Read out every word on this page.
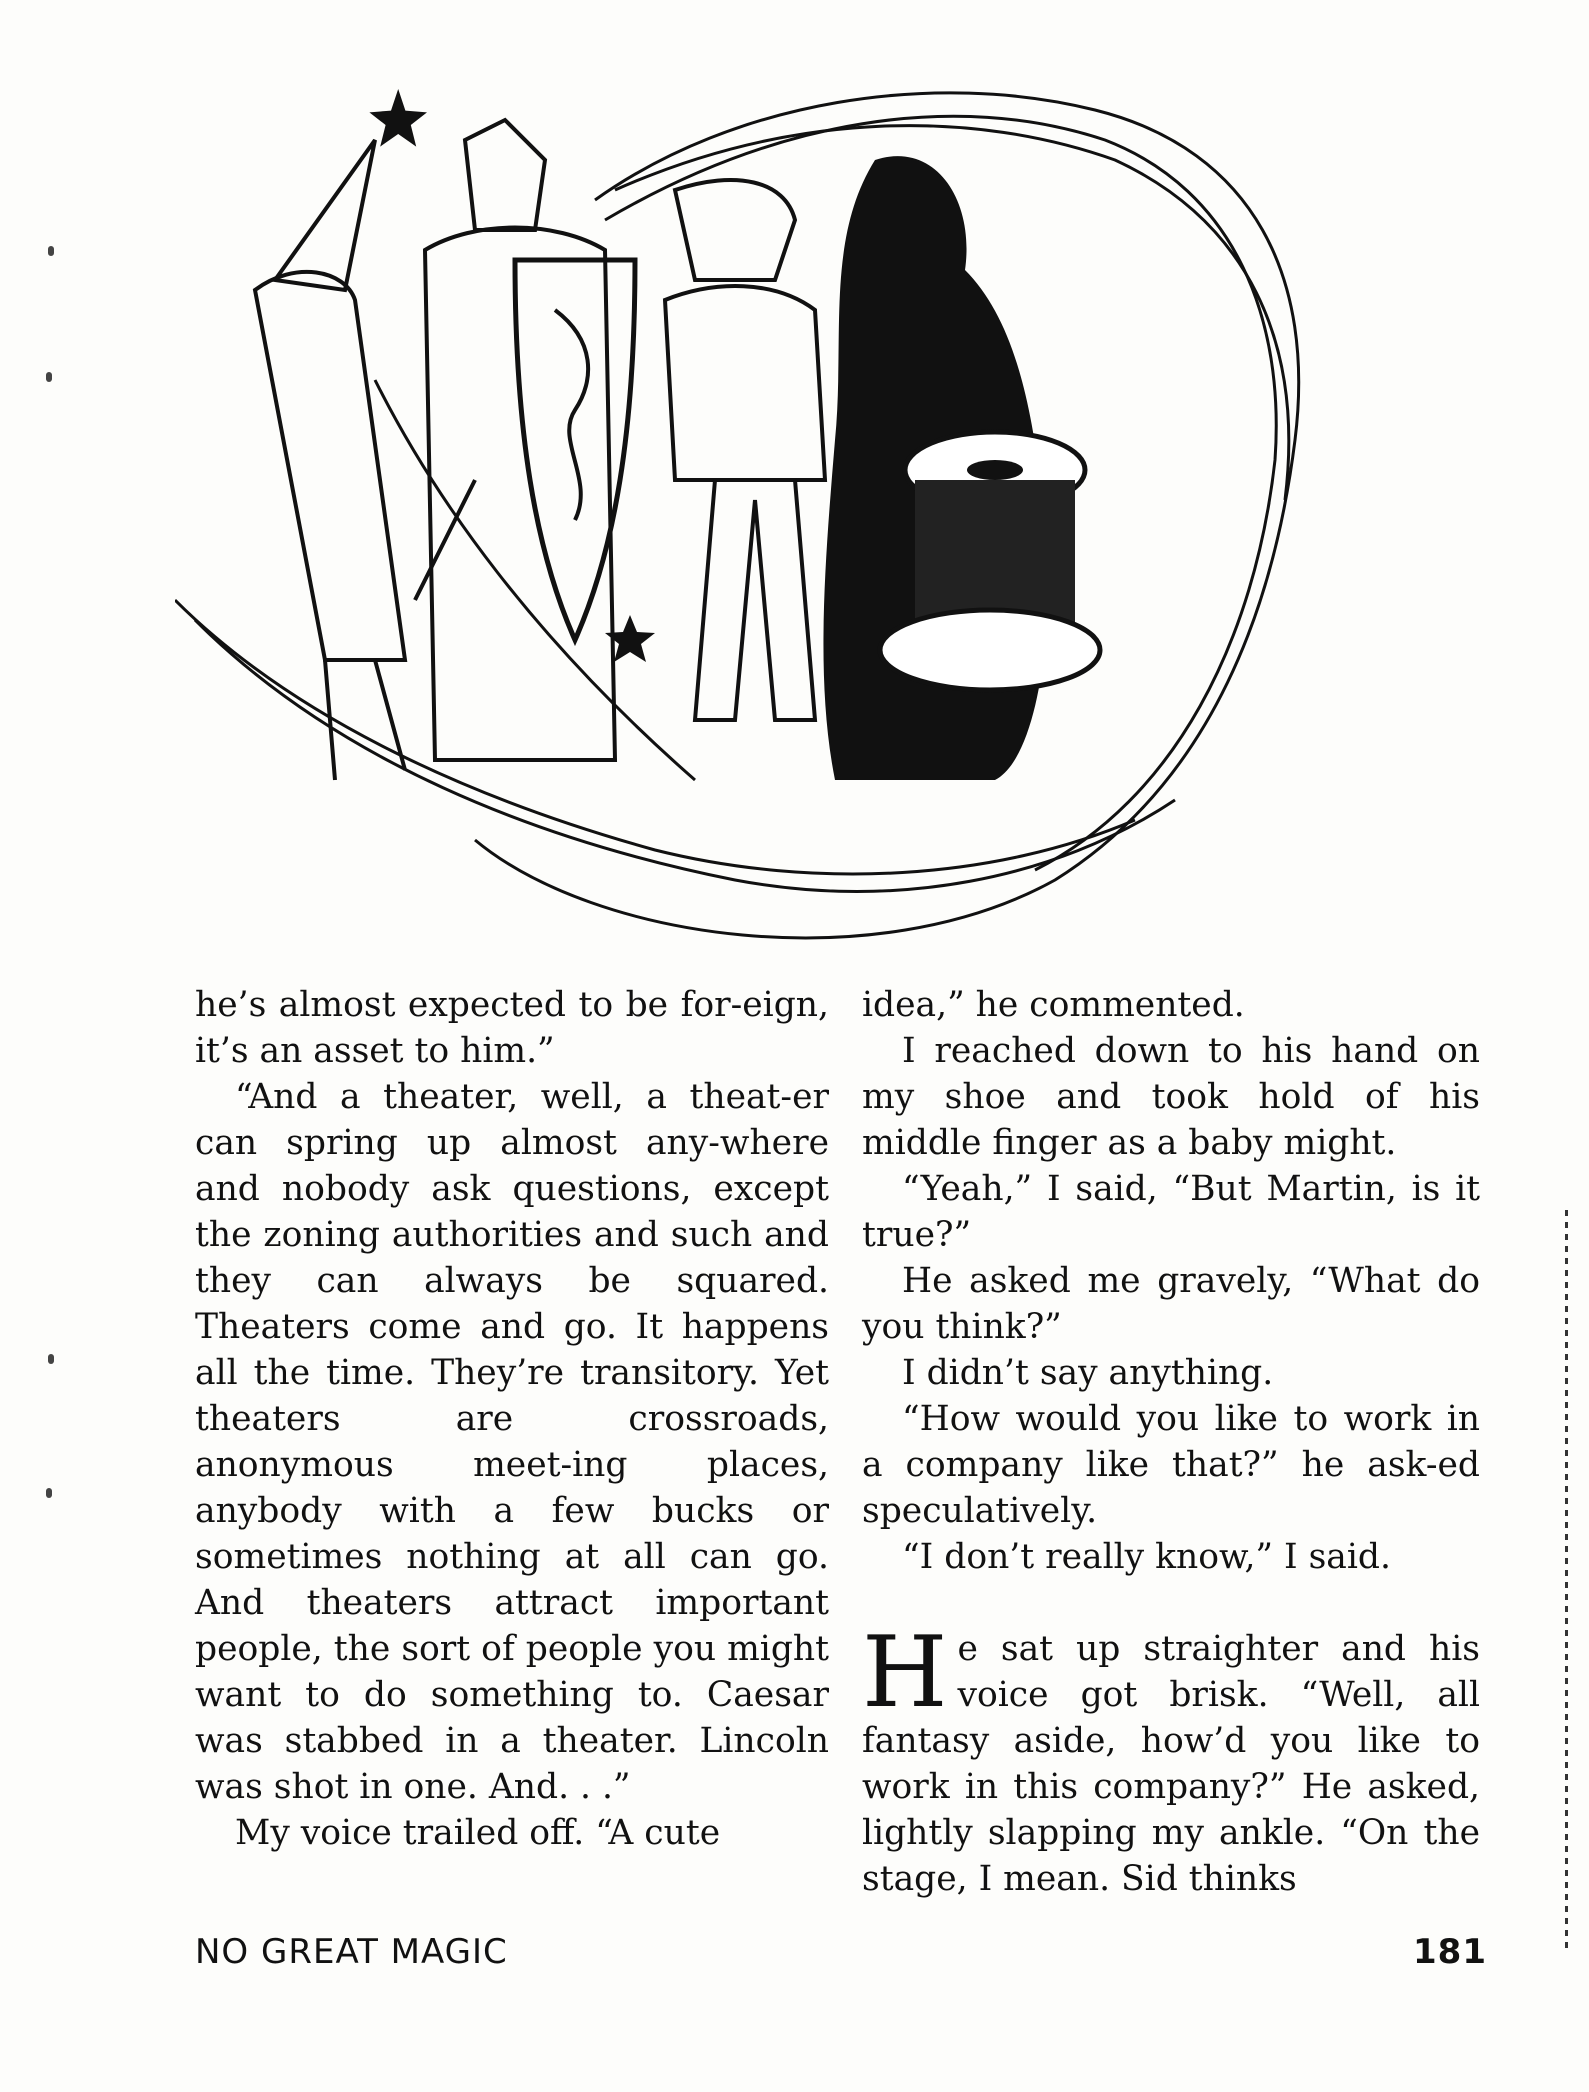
he’s almost expected to be for-eign, it’s an asset to him.”

“And a theater, well, a theat-er can spring up almost any-where and nobody ask questions, except the zoning authorities and such and they can always be squared. Theaters come and go. It happens all the time. They’re transitory. Yet theaters are crossroads, anonymous meet-ing places, anybody with a few bucks or sometimes nothing at all can go. And theaters attract important people, the sort of people you might want to do something to. Caesar was stabbed in a theater. Lincoln was shot in one. And. . .”

My voice trailed off. “A cute

idea,” he commented.

I reached down to his hand on my shoe and took hold of his middle finger as a baby might.

“Yeah,” I said, “But Martin, is it true?”

He asked me gravely, “What do you think?”

I didn’t say anything.

“How would you like to work in a company like that?” he ask-ed speculatively.

“I don’t really know,” I said.

He sat up straighter and his voice got brisk. “Well, all fantasy aside, how’d you like to work in this company?” He asked, lightly slapping my ankle. “On the stage, I mean. Sid thinks

NO GREAT MAGIC	181
